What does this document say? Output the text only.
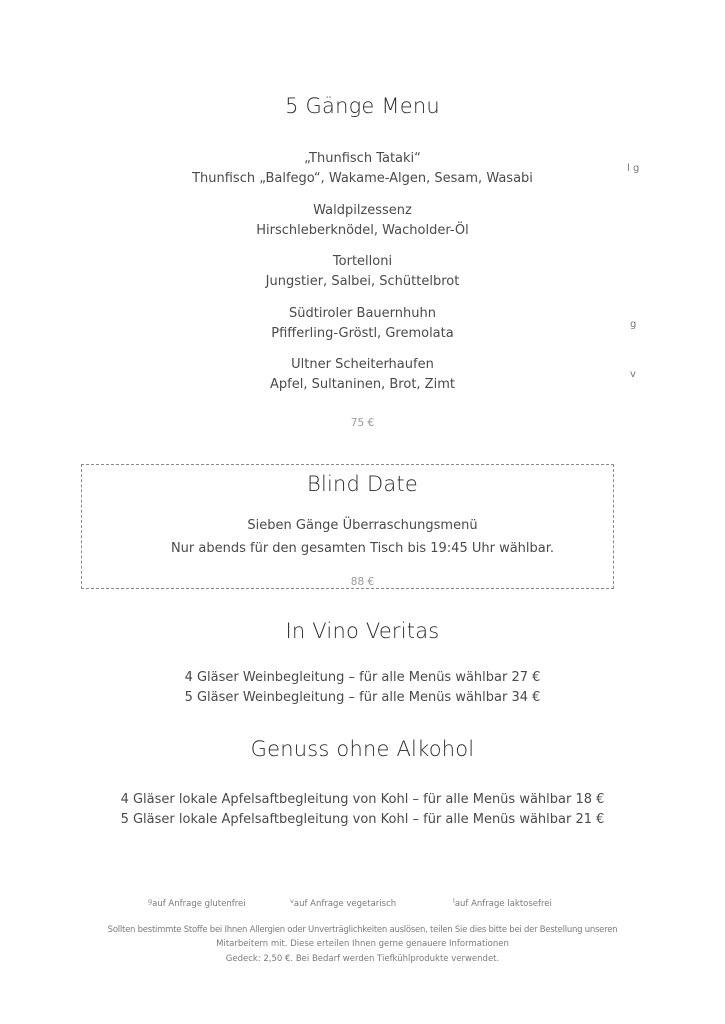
5 Gänge Menu
„Thunfisch Tataki“
Thunfisch „Balfego“, Wakame-Algen, Sesam, Wasabi
Waldpilzessenz
Hirschleberknödel, Wacholder-Öl
Tortelloni
Jungstier, Salbei, Schüttelbrot
Südtiroler Bauernhuhn
Pfifferling-Gröstl, Gremolata
Ultner Scheiterhaufen
Apfel, Sultaninen, Brot, Zimt
75 €
l g
g
v
Blind Date
Sieben Gänge Überraschungsmenü
Nur abends für den gesamten Tisch bis 19:45 Uhr wählbar.
88 €
In Vino Veritas
4 Gläser Weinbegleitung – für alle Menüs wählbar 27 €
5 Gläser Weinbegleitung – für alle Menüs wählbar 34 €
Genuss ohne Alkohol
4 Gläser lokale Apfelsaftbegleitung von Kohl – für alle Menüs wählbar 18 €
5 Gläser lokale Apfelsaftbegleitung von Kohl – für alle Menüs wählbar 21 €
$^g$auf Anfrage glutenfrei	$^v$auf Anfrage vegetarisch	$^l$auf Anfrage laktosefrei
Sollten bestimmte Stoffe bei Ihnen Allergien oder Unverträglichkeiten auslösen, teilen Sie dies bitte bei der Bestellung unseren
Mitarbeitern mit. Diese erteilen Ihnen gerne genauere Informationen
Gedeck: 2,50 €. Bei Bedarf werden Tiefkühlprodukte verwendet.
